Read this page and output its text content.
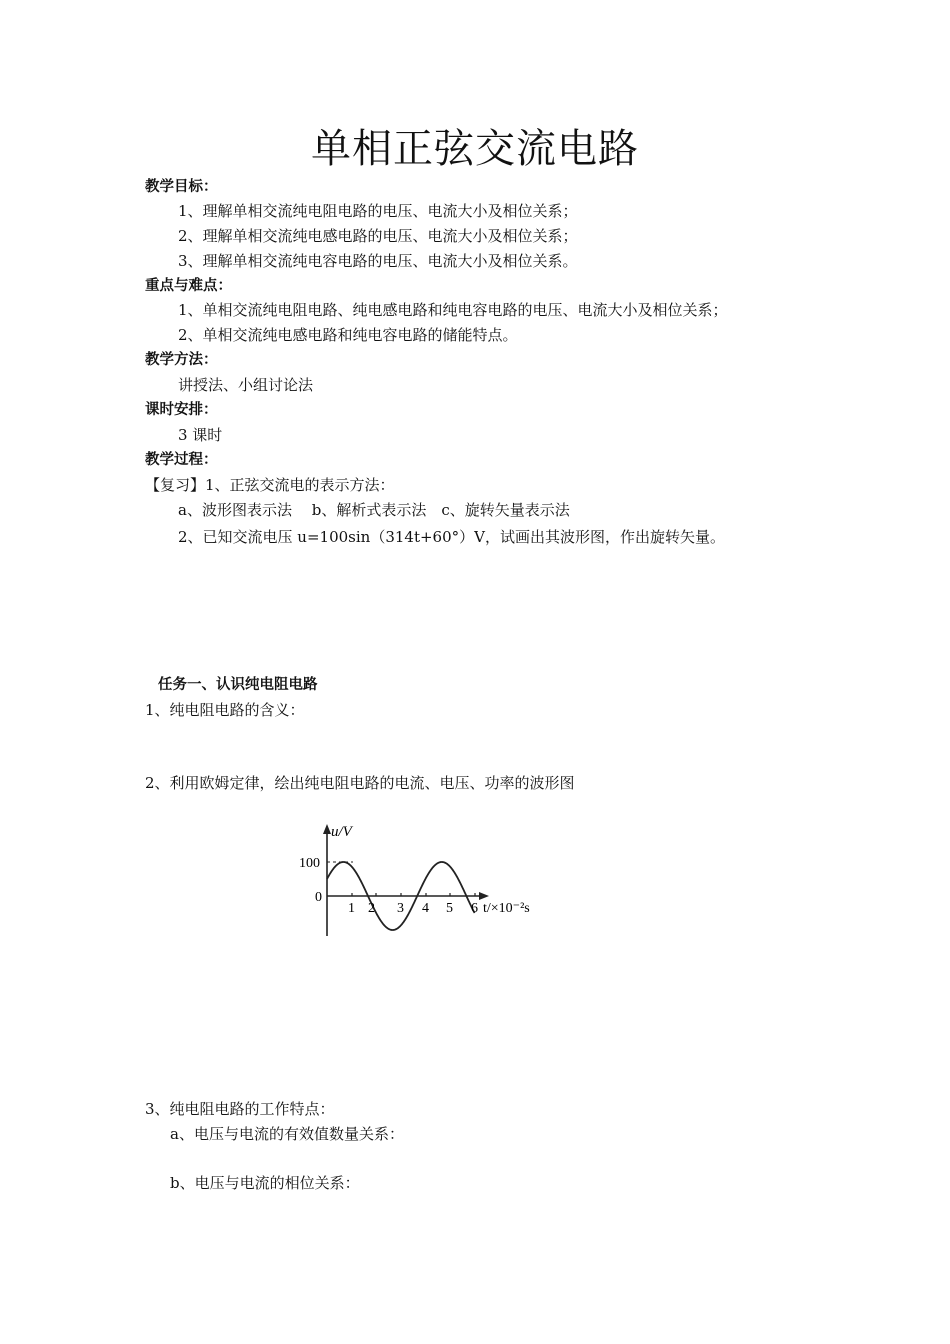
单相正弦交流电路
教学目标：
1、理解单相交流纯电阻电路的电压、电流大小及相位关系；
2、理解单相交流纯电感电路的电压、电流大小及相位关系；
3、理解单相交流纯电容电路的电压、电流大小及相位关系。
重点与难点：
1、单相交流纯电阻电路、纯电感电路和纯电容电路的电压、电流大小及相位关系；
2、单相交流纯电感电路和纯电容电路的储能特点。
教学方法：
讲授法、小组讨论法
课时安排：
3 课时
教学过程：
【复习】1、正弦交流电的表示方法：
a、波形图表示法　 b、解析式表示法　c、旋转矢量表示法
2、已知交流电压 u=100sin（314t+60°）V，试画出其波形图，作出旋转矢量。
任务一、认识纯电阻电路
1、纯电阻电路的含义：
2、利用欧姆定律，绘出纯电阻电路的电流、电压、功率的波形图
u/V
100
0
1 2 3 4 5 6 t/×10⁻²s
3、纯电阻电路的工作特点：
a、电压与电流的有效值数量关系：
b、电压与电流的相位关系：
